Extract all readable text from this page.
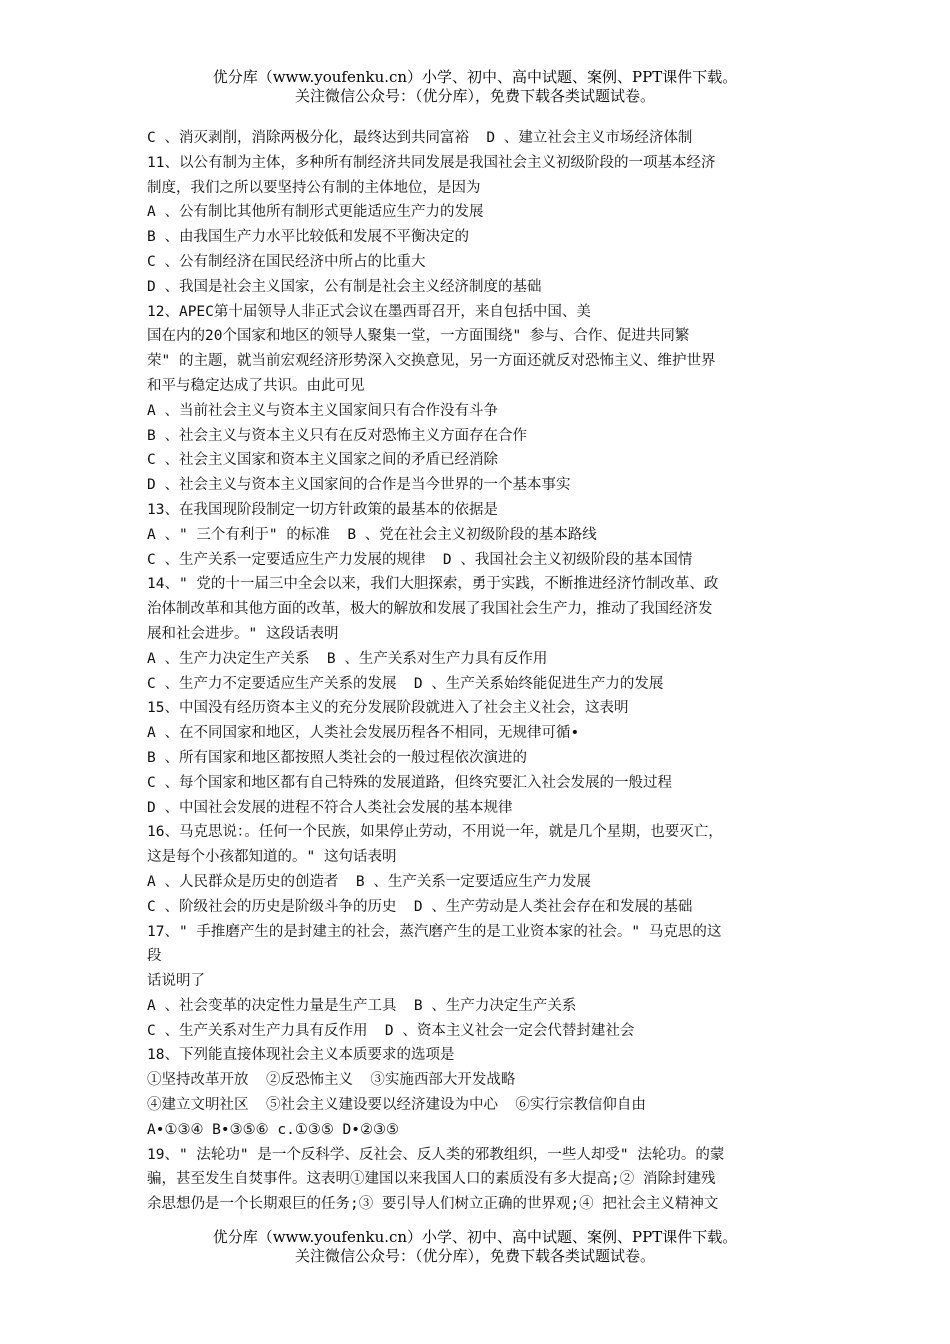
优分库（www.youfenku.cn）小学、初中、高中试题、案例、PPT课件下载。
关注微信公众号：（优分库），免费下载各类试题试卷。
C 、消灭剥削，消除两极分化，最终达到共同富裕  D 、建立社会主义市场经济体制
11、以公有制为主体，多种所有制经济共同发展是我国社会主义初级阶段的一项基本经济
制度，我们之所以要坚持公有制的主体地位，是因为
A 、公有制比其他所有制形式更能适应生产力的发展
B 、由我国生产力水平比较低和发展不平衡决定的
C 、公有制经济在国民经济中所占的比重大
D 、我国是社会主义国家，公有制是社会主义经济制度的基础
12、APEC第十届领导人非正式会议在墨西哥召开，来自包括中国、美
国在内的20个国家和地区的领导人聚集一堂，一方面围绕" 参与、合作、促进共同繁
荣" 的主题，就当前宏观经济形势深入交换意见，另一方面还就反对恐怖主义、维护世界
和平与稳定达成了共识。由此可见
A 、当前社会主义与资本主义国家间只有合作没有斗争
B 、社会主义与资本主义只有在反对恐怖主义方面存在合作
C 、社会主义国家和资本主义国家之间的矛盾已经消除
D 、社会主义与资本主义国家间的合作是当今世界的一个基本事实
13、在我国现阶段制定一切方针政策的最基本的依据是
A 、" 三个有利于" 的标准  B 、党在社会主义初级阶段的基本路线
C 、生产关系一定要适应生产力发展的规律  D 、我国社会主义初级阶段的基本国情
14、" 党的十一届三中全会以来，我们大胆探索，勇于实践，不断推进经济竹制改革、政
治体制改革和其他方面的改革，极大的解放和发展了我国社会生产力，推动了我国经济发
展和社会进步。" 这段话表明
A 、生产力决定生产关系  B 、生产关系对生产力具有反作用
C 、生产力不定要适应生产关系的发展  D 、生产关系始终能促进生产力的发展
15、中国没有经历资本主义的充分发展阶段就进入了社会主义社会，这表明
A 、在不同国家和地区，人类社会发展历程各不相同，无规律可循•
B 、所有国家和地区都按照人类社会的一般过程依次演进的
C 、每个国家和地区都有自己特殊的发展道路，但终究要汇入社会发展的一般过程
D 、中国社会发展的进程不符合人类社会发展的基本规律
16、马克思说：。任何一个民族，如果停止劳动，不用说一年，就是几个星期，也要灭亡，
这是每个小孩都知道的。" 这句话表明
A 、人民群众是历史的创造者  B 、生产关系一定要适应生产力发展
C 、阶级社会的历史是阶级斗争的历史  D 、生产劳动是人类社会存在和发展的基础
17、" 手推磨产生的是封建主的社会，蒸汽磨产生的是工业资本家的社会。" 马克思的这
段
话说明了
A 、社会变革的决定性力量是生产工具  B 、生产力决定生产关系
C 、生产关系对生产力具有反作用  D 、资本主义社会一定会代替封建社会
18、下列能直接体现社会主义本质要求的选项是
①坚持改革开放  ②反恐怖主义  ③实施西部大开发战略
④建立文明社区  ⑤社会主义建设要以经济建设为中心  ⑥实行宗教信仰自由
A•①③④ B•③⑤⑥ c.①③⑤ D•②③⑤
19、" 法轮功" 是一个反科学、反社会、反人类的邪教组织，一些人却受" 法轮功。的蒙
骗，甚至发生自焚事件。这表明①建国以来我国人口的素质没有多大提高;② 消除封建残
余思想仍是一个长期艰巨的任务;③ 要引导人们树立正确的世界观;④ 把社会主义精神文
优分库（www.youfenku.cn）小学、初中、高中试题、案例、PPT课件下载。
关注微信公众号：（优分库），免费下载各类试题试卷。
